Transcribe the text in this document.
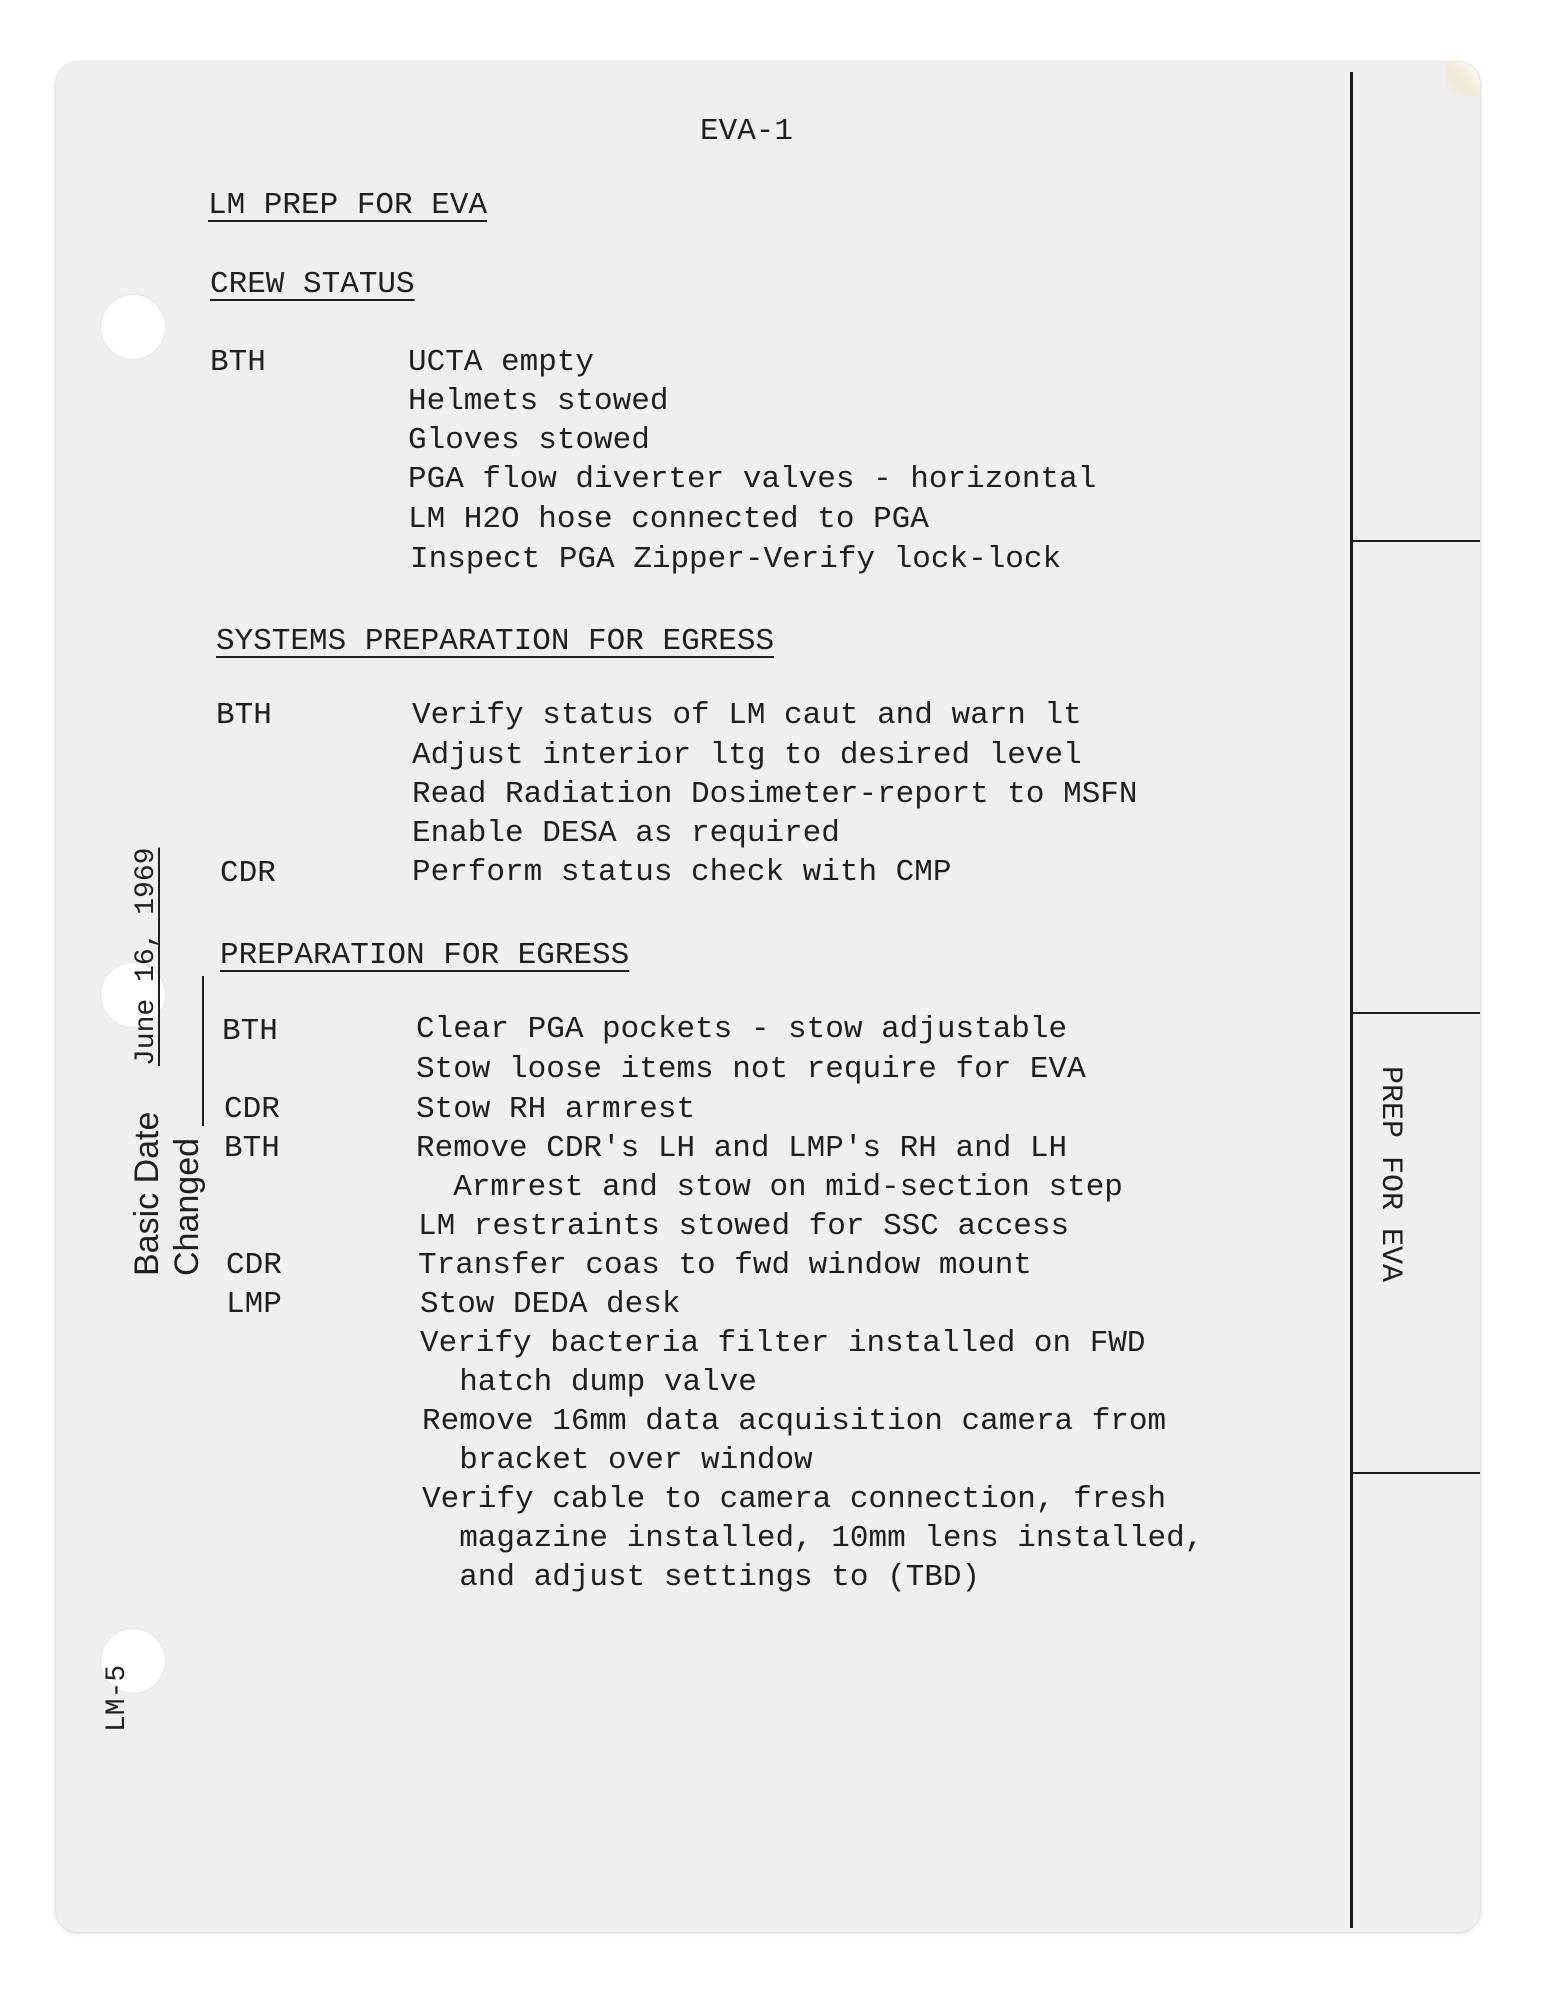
PREP FOR EVA
EVA-1
LM PREP FOR EVA
CREW STATUS
BTH	UCTA empty
Helmets stowed
Gloves stowed
PGA flow diverter valves - horizontal
LM H2O hose connected to PGA
Inspect PGA Zipper-Verify lock-lock
SYSTEMS PREPARATION FOR EGRESS
BTH	Verify status of LM caut and warn lt
Adjust interior ltg to desired level
Read Radiation Dosimeter-report to MSFN
Enable DESA as required
CDR	Perform status check with CMP
PREPARATION FOR EGRESS
BTH	Clear PGA pockets - stow adjustable
Stow loose items not require for EVA
CDR	Stow RH armrest
BTH	Remove CDR's LH and LMP's RH and LH
Armrest and stow on mid-section step
LM restraints stowed for SSC access
CDR	Transfer coas to fwd window mount
LMP	Stow DEDA desk
Verify bacteria filter installed on FWD
hatch dump valve
Remove 16mm data acquisition camera from
bracket over window
Verify cable to camera connection, fresh
magazine installed, 10mm lens installed,
and adjust settings to (TBD)

Basic Date

June 16, 1969

Changed

LM-5
